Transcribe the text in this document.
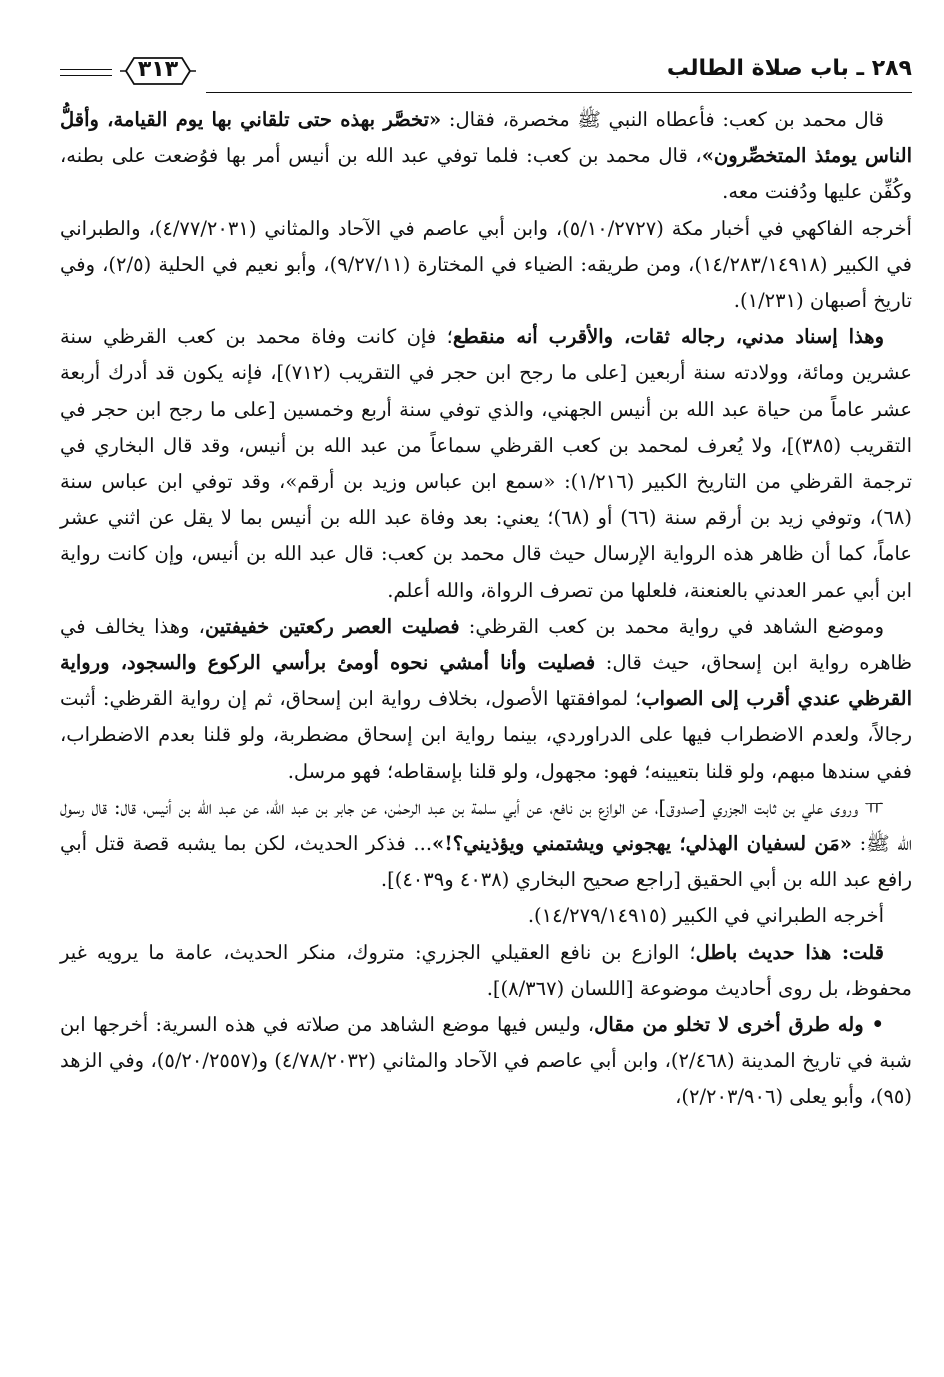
٢٨٩ ـ باب صلاة الطالب
٣١٣

قال محمد بن كعب: فأعطاه النبي ﷺ مخصرة، فقال: «تخصَّر بهذه حتى تلقاني بها يوم القيامة، وأقلُّ الناس يومئذ المتخصِّرون»، قال محمد بن كعب: فلما توفي عبد الله بن أنيس أمر بها فوُضعت على بطنه، وكُفِّن عليها ودُفنت معه.

أخرجه الفاكهي في أخبار مكة (٥/١٠/٢٧٢٧)، وابن أبي عاصم في الآحاد والمثاني (٤/٧٧/٢٠٣١)، والطبراني في الكبير (١٤/٢٨٣/١٤٩١٨)، ومن طريقه: الضياء في المختارة (٩/٢٧/١١)، وأبو نعيم في الحلية (٢/٥)، وفي تاريخ أصبهان (١/٢٣١).

وهذا إسناد مدني، رجاله ثقات، والأقرب أنه منقطع؛ فإن كانت وفاة محمد بن كعب القرظي سنة عشرين ومائة، وولادته سنة أربعين [على ما رجح ابن حجر في التقريب (٧١٢)]، فإنه يكون قد أدرك أربعة عشر عاماً من حياة عبد الله بن أنيس الجهني، والذي توفي سنة أربع وخمسين [على ما رجح ابن حجر في التقريب (٣٨٥)]، ولا يُعرف لمحمد بن كعب القرظي سماعاً من عبد الله بن أنيس، وقد قال البخاري في ترجمة القرظي من التاريخ الكبير (١/٢١٦): «سمع ابن عباس وزيد بن أرقم»، وقد توفي ابن عباس سنة (٦٨)، وتوفي زيد بن أرقم سنة (٦٦) أو (٦٨)؛ يعني: بعد وفاة عبد الله بن أنيس بما لا يقل عن اثني عشر عاماً، كما أن ظاهر هذه الرواية الإرسال حيث قال محمد بن كعب: قال عبد الله بن أنيس، وإن كانت رواية ابن أبي عمر العدني بالعنعنة، فلعلها من تصرف الرواة، والله أعلم.

وموضع الشاهد في رواية محمد بن كعب القرظي: فصليت العصر ركعتين خفيفتين، وهذا يخالف في ظاهره رواية ابن إسحاق، حيث قال: فصليت وأنا أمشي نحوه أومئ برأسي الركوع والسجود، ورواية القرظي عندي أقرب إلى الصواب؛ لموافقتها الأصول، بخلاف رواية ابن إسحاق، ثم إن رواية القرظي: أثبت رجالاً، ولعدم الاضطراب فيها على الدراوردي، بينما رواية ابن إسحاق مضطربة، ولو قلنا بعدم الاضطراب، ففي سندها مبهم، ولو قلنا بتعيينه؛ فهو: مجهول، ولو قلنا بإسقاطه؛ فهو مرسل.

ￗ وروى علي بن ثابت الجزري [صدوق]، عن الوازع بن نافع، عن أبي سلمة بن عبد الرحمٰن، عن جابر بن عبد الله، عن عبد الله بن أنيس، قال: قال رسول الله ﷺ: «مَن لسفيان الهذلي؛ يهجوني ويشتمني ويؤذيني؟!»... فذكر الحديث، لكن بما يشبه قصة قتل أبي رافع عبد الله بن أبي الحقيق [راجع صحيح البخاري (٤٠٣٨ و٤٠٣٩)].

أخرجه الطبراني في الكبير (١٤/٢٧٩/١٤٩١٥).

قلت: هذا حديث باطل؛ الوازع بن نافع العقيلي الجزري: متروك، منكر الحديث، عامة ما يرويه غير محفوظ، بل روى أحاديث موضوعة [اللسان (٨/٣٦٧)].

• وله طرق أخرى لا تخلو من مقال، وليس فيها موضع الشاهد من صلاته في هذه السرية: أخرجها ابن شبة في تاريخ المدينة (٢/٤٦٨)، وابن أبي عاصم في الآحاد والمثاني (٤/٧٨/٢٠٣٢) و(٥/٢٠/٢٥٥٧)، وفي الزهد (٩٥)، وأبو يعلى (٢/٢٠٣/٩٠٦)،
